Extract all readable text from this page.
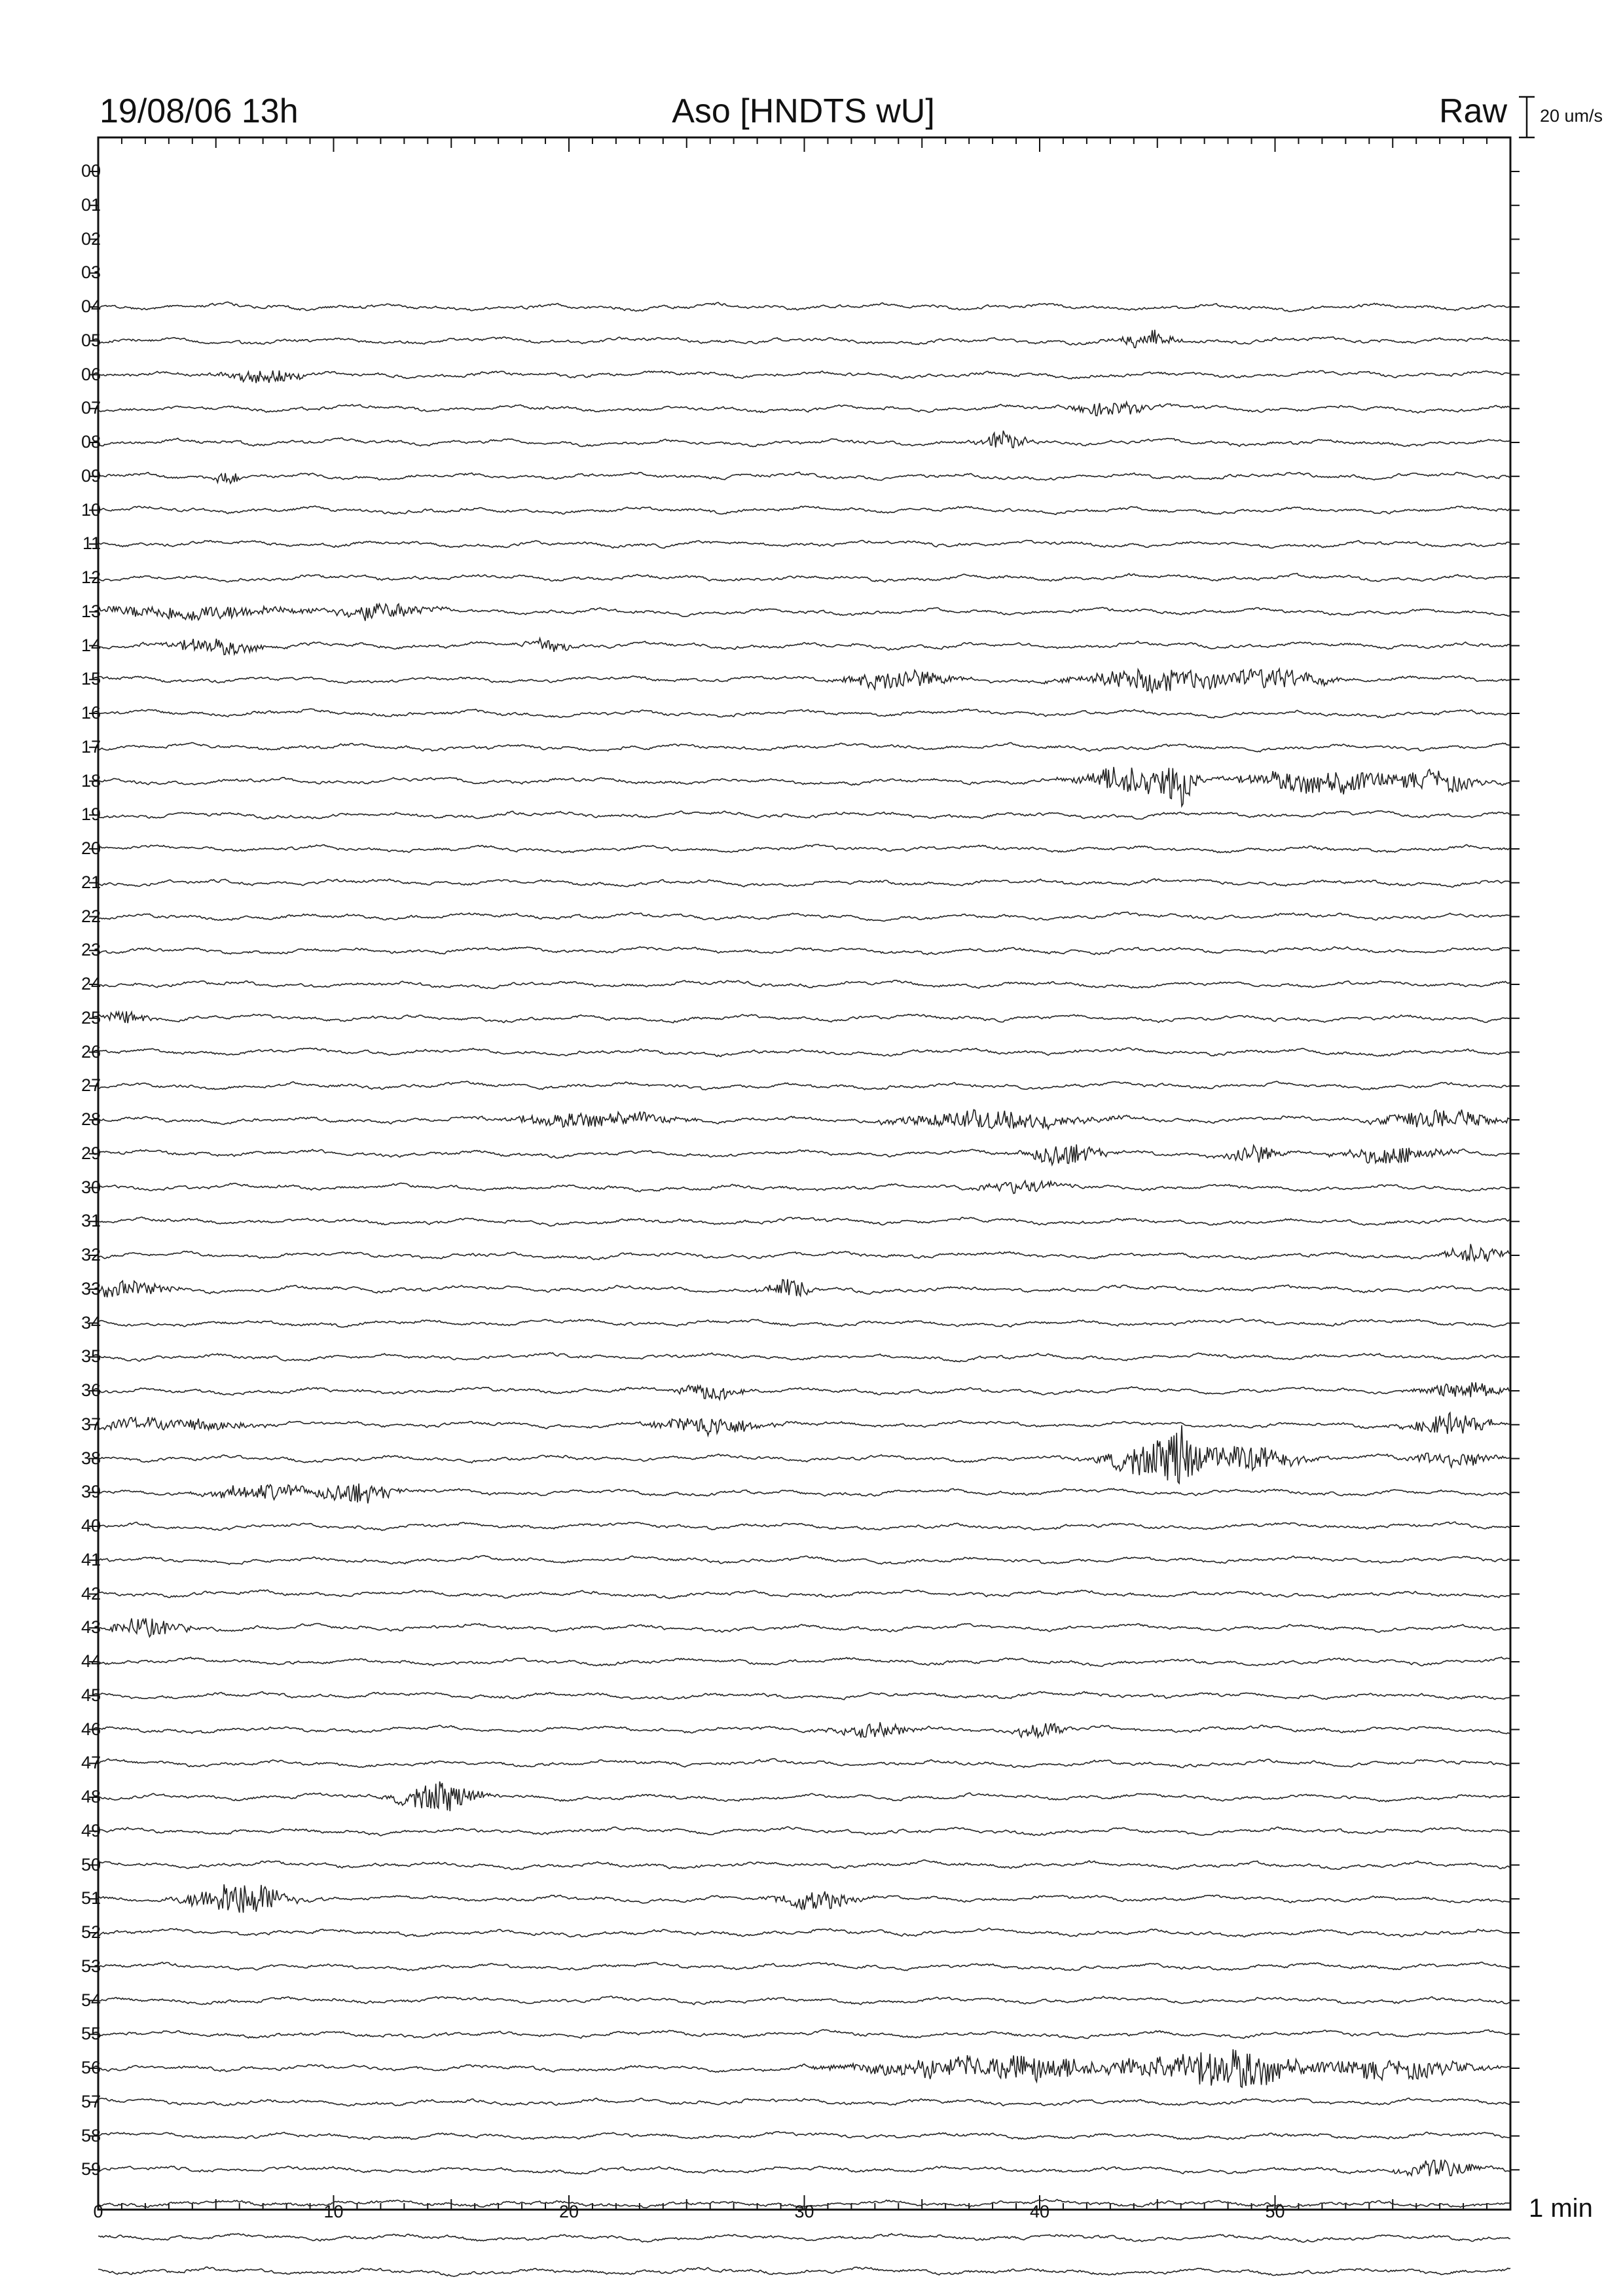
19/08/06 13h	Aso [HNDTS wU]	Raw 20 um/s
00
01
02
03
04
05
06
07
08
09
10
11
12
13
14
15
16
17
18
19
20
21
22
23
24
25
26
27
28
29
30
31
32
33
34
35
36
37
38
39
40
41
42
43
44
45
46
47
48
49
50
51
52
53
54
55
56
57
58
59
0	10	20	30	40	50	1 min
